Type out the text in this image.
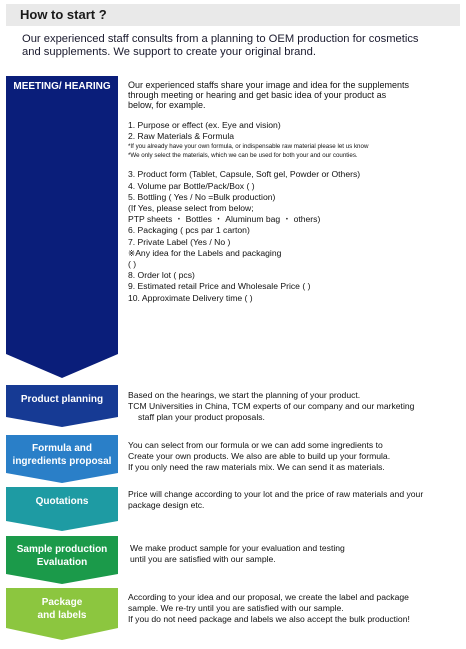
How to start ?
Our experienced staff consults from a planning to OEM production for cosmetics
and supplements. We support to create your original brand.
MEETING/ HEARING	Our experienced staffs share your image and idea for the supplements
through meeting or hearing and get basic idea of your product as
below, for example.
1. Purpose or effect (ex. Eye and vision)
2. Raw Materials & Formula
*If you already have your own formula, or indispensable raw material please let us know
*We only select the materials, which we can be used for both your and our counties.
3. Product form (Tablet, Capsule, Soft gel, Powder or Others)
4. Volume par Bottle/Pack/Box ( )
5. Bottling ( Yes / No =Bulk production)
(If Yes, please select from below;
PTP sheets ・ Bottles ・ Aluminum bag ・ others)
6. Packaging ( pcs par 1 carton)
7. Private Label (Yes / No )
※Any idea for the Labels and packaging
( )
8. Order lot ( pcs)
9. Estimated retail Price and Wholesale Price ( )
10. Approximate Delivery time ( )
Product planning	Based on the hearings, we start the planning of your product.
TCM Universities in China, TCM experts of our company and our marketing
staff plan your product proposals.
Formula and
ingredients proposal
You can select from our formula or we can add some ingredients to
Create your own products. We also are able to build up your formula.
If you only need the raw materials mix. We can send it as materials.
Quotations
Price will change according to your lot and the price of raw materials and your
package design etc.
Sample production
Evaluation
We make product sample for your evaluation and testing
until you are satisfied with our sample.
Package
and labels
According to your idea and our proposal, we create the label and package
sample. We re-try until you are satisfied with our sample.
If you do not need package and labels we also accept the bulk production!
